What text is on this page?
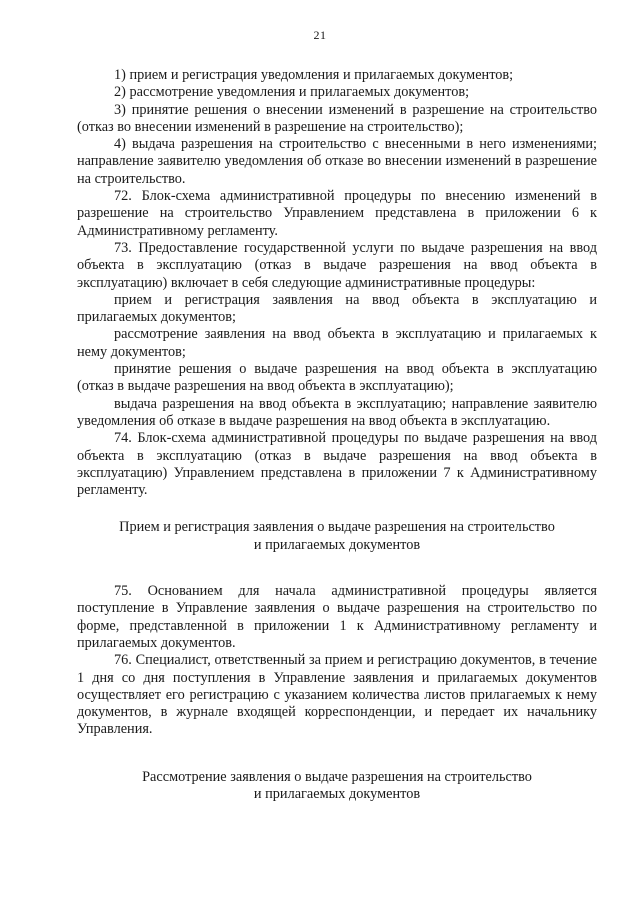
21

1) прием и регистрация уведомления и прилагаемых документов;

2) рассмотрение уведомления и прилагаемых документов;

3) принятие решения о внесении изменений в разрешение на строительство (отказ во внесении изменений в разрешение на строительство);

4) выдача разрешения на строительство с внесенными в него изменениями; направление заявителю уведомления об отказе во внесении изменений в разрешение на строительство.

72. Блок-схема административной процедуры по внесению изменений в разрешение на строительство Управлением представлена в приложении 6 к Административному регламенту.

73. Предоставление государственной услуги по выдаче разрешения на ввод объекта в эксплуатацию (отказ в выдаче разрешения на ввод объекта в эксплуатацию) включает в себя следующие административные процедуры:

прием и регистрация заявления на ввод объекта в эксплуатацию и прилагаемых документов;

рассмотрение заявления на ввод объекта в эксплуатацию и прилагаемых к нему документов;

принятие решения о выдаче разрешения на ввод объекта в эксплуатацию (отказ в выдаче разрешения на ввод объекта в эксплуатацию);

выдача разрешения на ввод объекта в эксплуатацию; направление заявителю уведомления об отказе в выдаче разрешения на ввод объекта в эксплуатацию.

74. Блок-схема административной процедуры по выдаче разрешения на ввод объекта в эксплуатацию (отказ в выдаче разрешения на ввод объекта в эксплуатацию) Управлением представлена в приложении 7 к Административному регламенту.

Прием и регистрация заявления о выдаче разрешения на строительство

и прилагаемых документов

75. Основанием для начала административной процедуры является поступление в Управление заявления о выдаче разрешения на строительство по форме, представленной в приложении 1 к Административному регламенту и прилагаемых документов.

76. Специалист, ответственный за прием и регистрацию документов, в течение 1 дня со дня поступления в Управление заявления и прилагаемых документов осуществляет его регистрацию с указанием количества листов прилагаемых к нему документов, в журнале входящей корреспонденции, и передает их начальнику Управления.

Рассмотрение заявления о выдаче разрешения на строительство

и прилагаемых документов
